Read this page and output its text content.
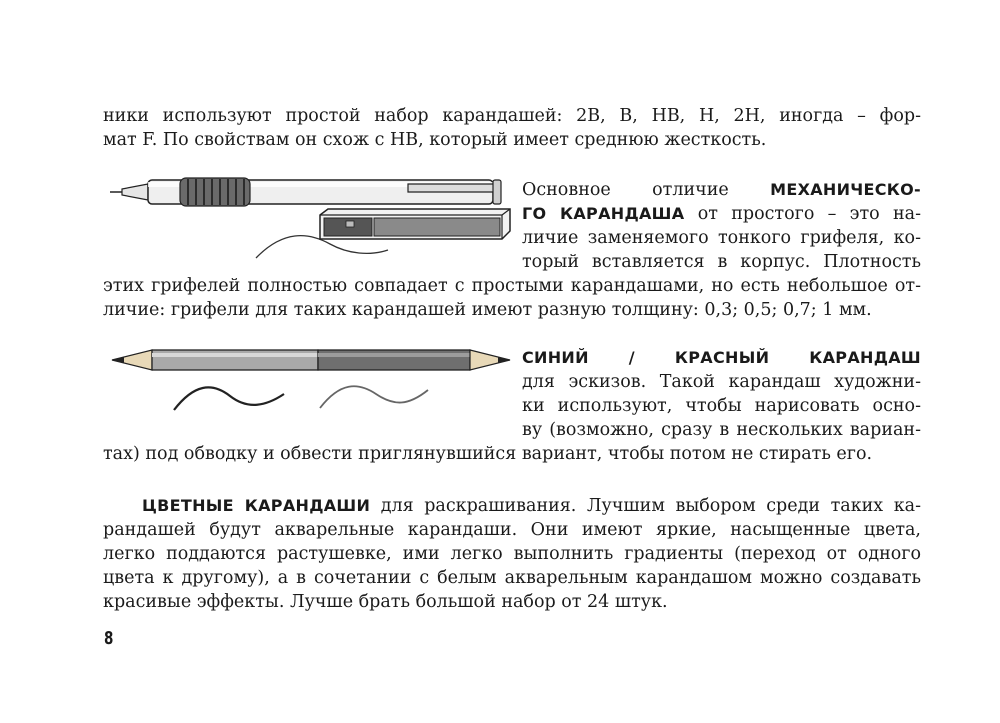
ники используют простой набор карандашей: 2B, B, HB, H, 2H, иногда – фор-
мат F. По свойствам он схож с HB, который имеет среднюю жесткость.
Основное отличие МЕХАНИЧЕСКО-
ГО КАРАНДАША от простого – это на-
личие заменяемого тонкого грифеля, ко-
торый вставляется в корпус. Плотность
этих грифелей полностью совпадает с простыми карандашами, но есть небольшое от-
личие: грифели для таких карандашей имеют разную толщину: 0,3; 0,5; 0,7; 1 мм.
СИНИЙ / КРАСНЫЙ КАРАНДАШ
для эскизов. Такой карандаш художни-
ки используют, чтобы нарисовать осно-
ву (возможно, сразу в нескольких вариан-
тах) под обводку и обвести приглянувшийся вариант, чтобы потом не стирать его.
ЦВЕТНЫЕ КАРАНДАШИ для раскрашивания. Лучшим выбором среди таких ка-
рандашей будут акварельные карандаши. Они имеют яркие, насыщенные цвета,
легко поддаются растушевке, ими легко выполнить градиенты (переход от одного
цвета к другому), а в сочетании с белым акварельным карандашом можно создавать
красивые эффекты. Лучше брать большой набор от 24 штук.
8
